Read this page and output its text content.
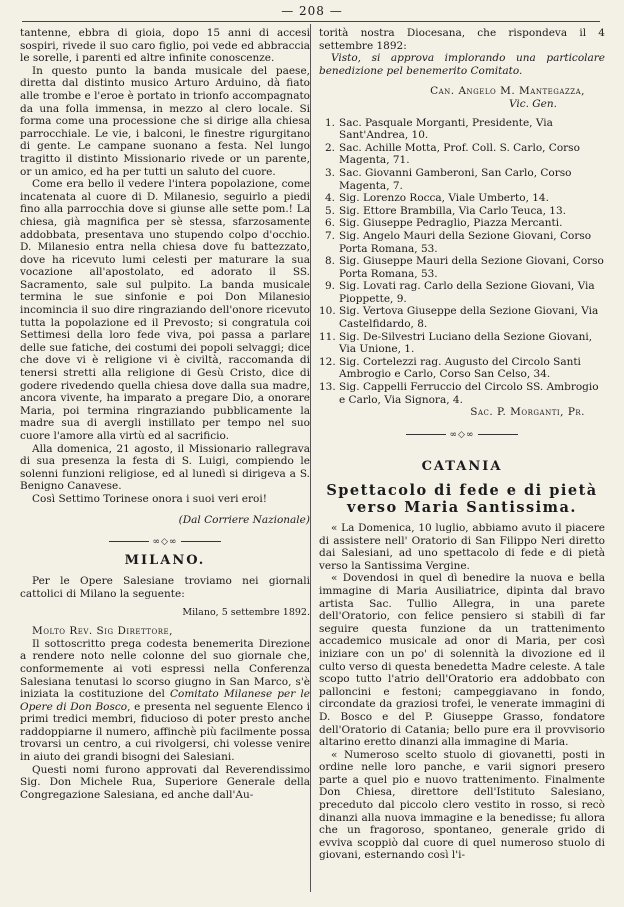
— 208 —

tantenne, ebbra di gioia, dopo 15 anni di accesi sospiri, rivede il suo caro figlio, poi vede ed abbraccia le sorelle, i parenti ed altre infinite conoscenze.

In questo punto la banda musicale del paese, diretta dal distinto musico Arturo Arduino, dà fiato alle trombe e l'eroe è portato in trionfo accompagnato da una folla immensa, in mezzo al clero locale. Si forma come una processione che si dirige alla chiesa parrocchiale. Le vie, i balconi, le finestre rigurgitano di gente. Le campane suonano a festa. Nel lungo tragitto il distinto Missionario rivede or un parente, or un amico, ed ha per tutti un saluto del cuore.

Come era bello il vedere l'intera popolazione, come incatenata al cuore di D. Milanesio, seguirlo a piedi fino alla parrocchia dove si giunse alle sette pom.! La chiesa, già magnifica per sè stessa, sfarzosamente addobbata, presentava uno stupendo colpo d'occhio. D. Milanesio entra nella chiesa dove fu battezzato, dove ha ricevuto lumi celesti per maturare la sua vocazione all'apostolato, ed adorato il SS. Sacramento, sale sul pulpito. La banda musicale termina le sue sinfonie e poi Don Milanesio incomincia il suo dire ringraziando dell'onore ricevuto tutta la popolazione ed il Prevosto; si congratula coi Settimesi della loro fede viva, poi passa a parlare delle sue fatiche, dei costumi dei popoli selvaggi; dice che dove vi è religione vi è civiltà, raccomanda di tenersi stretti alla religione di Gesù Cristo, dice di godere rivedendo quella chiesa dove dalla sua madre, ancora vivente, ha imparato a pregare Dio, a onorare Maria, poi termina ringraziando pubblicamente la madre sua di avergli instillato per tempo nel suo cuore l'amore alla virtù ed al sacrificio.

Alla domenica, 21 agosto, il Missionario rallegrava di sua presenza la festa di S. Luigi, compiendo le solenni funzioni religiose, ed al lunedì si dirigeva a S. Benigno Canavese.

Così Settimo Torinese onora i suoi veri eroi!

(Dal Corriere Nazionale)

∞◇∞
MILANO.

Per le Opere Salesiane troviamo nei giornali cattolici di Milano la seguente:

Milano, 5 settembre 1892.

Molto Rev. Sig Direttore,

Il sottoscritto prega codesta benemerita Direzione a rendere noto nelle colonne del suo giornale che, conformemente ai voti espressi nella Conferenza Salesiana tenutasi lo scorso giugno in San Marco, s'è iniziata la costituzione del Comitato Milanese per le Opere di Don Bosco, e presenta nel seguente Elenco i primi tredici membri, fiducioso di poter presto anche raddoppiarne il numero, affinchè più facilmente possa trovarsi un centro, a cui rivolgersi, chi volesse venire in aiuto dei grandi bisogni dei Salesiani.

Questi nomi furono approvati dal Reverendissimo Sig. Don Michele Rua, Superiore Generale della Congregazione Salesiana, ed anche dall'Au-

torità nostra Diocesana, che rispondeva il 4 settembre 1892:

Visto, si approva implorando una particolare benedizione pel benemerito Comitato.

Can. Angelo M. Mantegazza,
Vic. Gen.
1. Sac. Pasquale Morganti, Presidente, Via Sant'Andrea, 10.
2. Sac. Achille Motta, Prof. Coll. S. Carlo, Corso Magenta, 71.
3. Sac. Giovanni Gamberoni, San Carlo, Corso Magenta, 7.
4. Sig. Lorenzo Rocca, Viale Umberto, 14.
5. Sig. Ettore Brambilla, Via Carlo Teuca, 13.
6. Sig. Giuseppe Pedraglio, Piazza Mercanti.
7. Sig. Angelo Mauri della Sezione Giovani, Corso Porta Romana, 53.
8. Sig. Giuseppe Mauri della Sezione Giovani, Corso Porta Romana, 53.
9. Sig. Lovati rag. Carlo della Sezione Giovani, Via Pioppette, 9.
10. Sig. Vertova Giuseppe della Sezione Giovani, Via Castelfidardo, 8.
11. Sig. De-Silvestri Luciano della Sezione Giovani, Via Unione, 1.
12. Sig. Cortelezzi rag. Augusto del Circolo Santi Ambrogio e Carlo, Corso San Celso, 34.
13. Sig. Cappelli Ferruccio del Circolo SS. Ambrogio e Carlo, Via Signora, 4.
Sac. P. Morganti, Pr.
∞◇∞
CATANIA
Spettacolo di fede e di pietà
verso Maria Santissima.

« La Domenica, 10 luglio, abbiamo avuto il piacere di assistere nell' Oratorio di San Filippo Neri diretto dai Salesiani, ad uno spettacolo di fede e di pietà verso la Santissima Vergine.

« Dovendosi in quel dì benedire la nuova e bella immagine di Maria Ausiliatrice, dipinta dal bravo artista Sac. Tullio Allegra, in una parete dell'Oratorio, con felice pensiero si stabilì di far seguire questa funzione da un trattenimento accademico musicale ad onor di Maria, per così iniziare con un po' di solennità la divozione ed il culto verso di questa benedetta Madre celeste. A tale scopo tutto l'atrio dell'Oratorio era addobbato con palloncini e festoni; campeggiavano in fondo, circondate da graziosi trofei, le venerate immagini di D. Bosco e del P. Giuseppe Grasso, fondatore dell'Oratorio di Catania; bello pure era il provvisorio altarino eretto dinanzi alla immagine di Maria.

« Numeroso scelto stuolo di giovanetti, posti in ordine nelle loro panche, e varii signori presero parte a quel pio e nuovo trattenimento. Finalmente Don Chiesa, direttore dell'Istituto Salesiano, preceduto dal piccolo clero vestito in rosso, si recò dinanzi alla nuova immagine e la benedisse; fu allora che un fragoroso, spontaneo, generale grido di evviva scoppiò dal cuore di quel numeroso stuolo di giovani, esternando così l'i-
